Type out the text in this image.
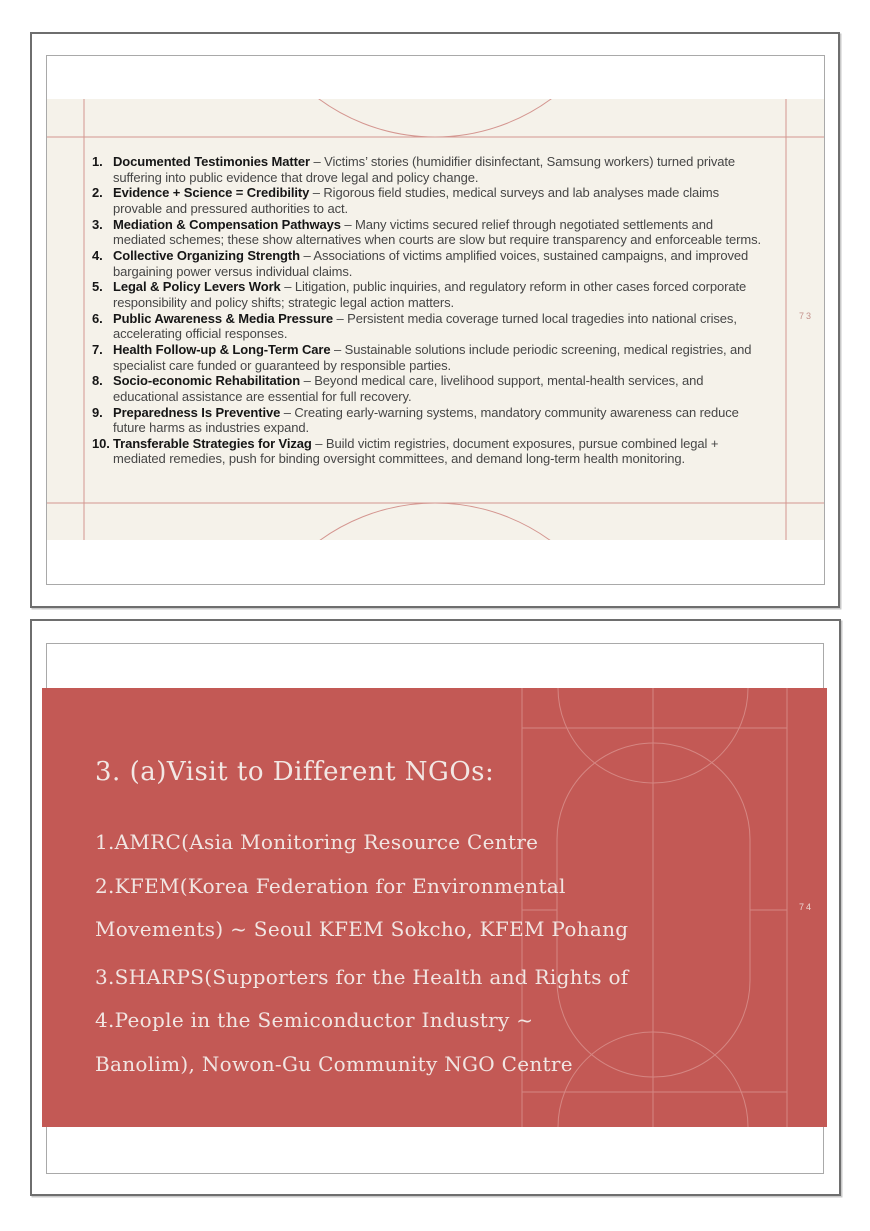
1. Documented Testimonies Matter – Victims’ stories (humidifier disinfectant, Samsung workers) turned private suffering into public evidence that drove legal and policy change.
2. Evidence + Science = Credibility – Rigorous field studies, medical surveys and lab analyses made claims provable and pressured authorities to act.
3. Mediation & Compensation Pathways – Many victims secured relief through negotiated settlements and mediated schemes; these show alternatives when courts are slow but require transparency and enforceable terms.
4. Collective Organizing Strength – Associations of victims amplified voices, sustained campaigns, and improved bargaining power versus individual claims.
5. Legal & Policy Levers Work – Litigation, public inquiries, and regulatory reform in other cases forced corporate responsibility and policy shifts; strategic legal action matters.
6. Public Awareness & Media Pressure – Persistent media coverage turned local tragedies into national crises, accelerating official responses.
7. Health Follow-up & Long-Term Care – Sustainable solutions include periodic screening, medical registries, and specialist care funded or guaranteed by responsible parties.
8. Socio-economic Rehabilitation – Beyond medical care, livelihood support, mental-health services, and educational assistance are essential for full recovery.
9. Preparedness Is Preventive – Creating early-warning systems, mandatory community awareness can reduce future harms as industries expand.
10. Transferable Strategies for Vizag – Build victim registries, document exposures, pursue combined legal + mediated remedies, push for binding oversight committees, and demand long-term health monitoring.
73
3. (a)Visit to Different NGOs:
1.AMRC(Asia Monitoring Resource Centre
2.KFEM(Korea Federation for Environmental
Movements) ~ Seoul KFEM Sokcho, KFEM Pohang
3.SHARPS(Supporters for the Health and Rights of
4.People in the Semiconductor Industry ~
Banolim), Nowon-Gu Community NGO Centre
74
